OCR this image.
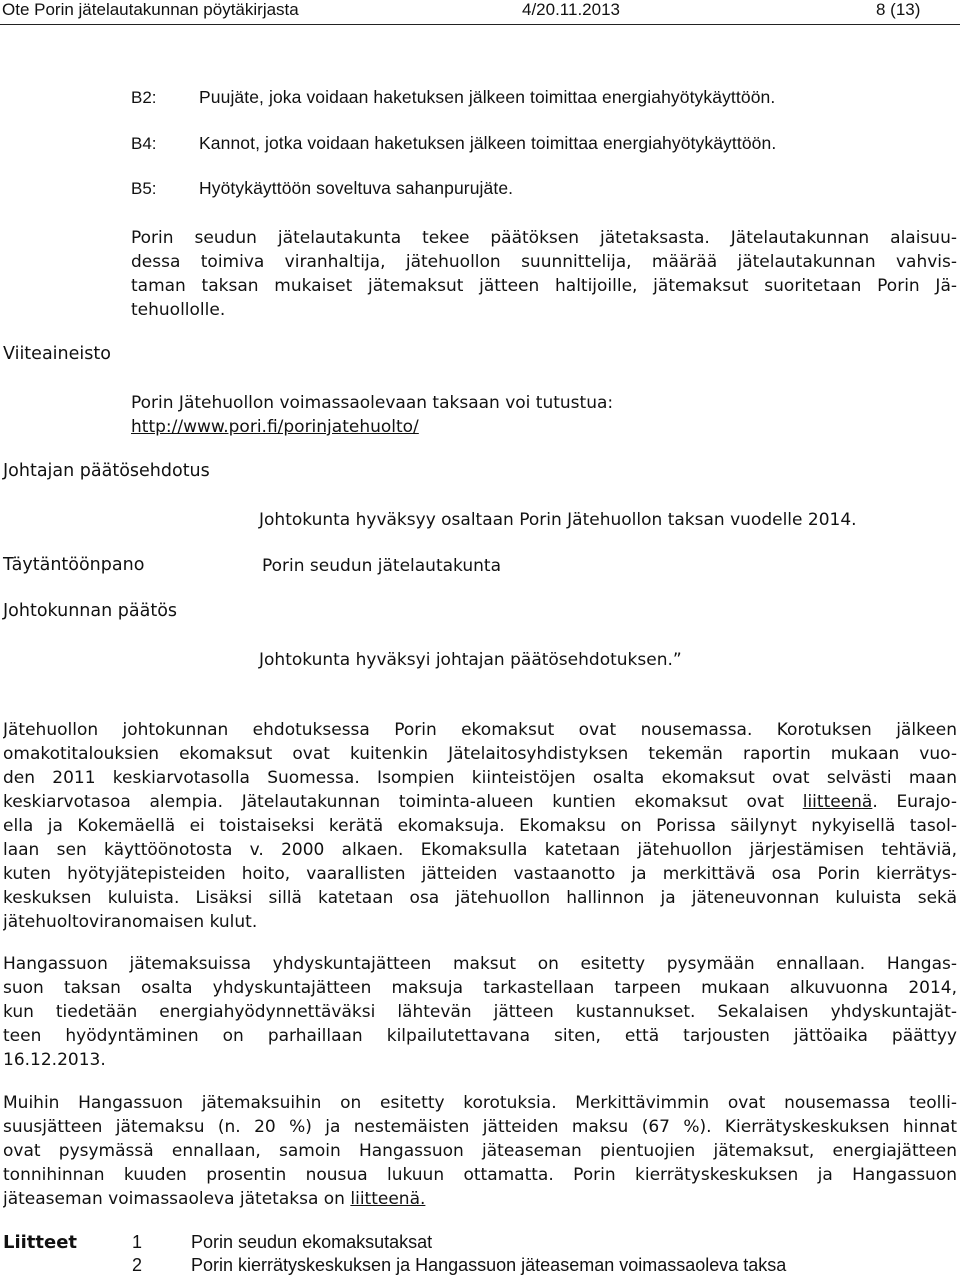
Ote Porin jätelautakunnan pöytäkirjasta	4/20.11.2013	8 (13)
B2: Puujäte, joka voidaan haketuksen jälkeen toimittaa energiahyötykäyttöön.
B4: Kannot, jotka voidaan haketuksen jälkeen toimittaa energiahyötykäyttöön.
B5: Hyötykäyttöön soveltuva sahanpurujäte.
Porin seudun jätelautakunta tekee päätöksen jätetaksasta. Jätelautakunnan alaisuu-
dessa toimiva viranhaltija, jätehuollon suunnittelija, määrää jätelautakunnan vahvis-
taman taksan mukaiset jätemaksut jätteen haltijoille, jätemaksut suoritetaan Porin Jä-
tehuollolle.
Viiteaineisto
Johtajan päätösehdotus
Täytäntöönpano
Johtokunnan päätös
Porin Jätehuollon voimassaolevaan taksaan voi tutustua:
http://www.pori.fi/porinjatehuolto/
Johtokunta hyväksyy osaltaan Porin Jätehuollon taksan vuodelle 2014.
Porin seudun jätelautakunta
Johtokunta hyväksyi johtajan päätösehdotuksen.”
Jätehuollon johtokunnan ehdotuksessa Porin ekomaksut ovat nousemassa. Korotuksen jälkeen
omakotitalouksien ekomaksut ovat kuitenkin Jätelaitosyhdistyksen tekemän raportin mukaan vuo-
den 2011 keskiarvotasolla Suomessa. Isompien kiinteistöjen osalta ekomaksut ovat selvästi maan
keskiarvotasoa alempia. Jätelautakunnan toiminta-alueen kuntien ekomaksut ovat liitteenä. Eurajo-
ella ja Kokemäellä ei toistaiseksi kerätä ekomaksuja. Ekomaksu on Porissa säilynyt nykyisellä tasol-
laan sen käyttöönotosta v. 2000 alkaen. Ekomaksulla katetaan jätehuollon järjestämisen tehtäviä,
kuten hyötyjätepisteiden hoito, vaarallisten jätteiden vastaanotto ja merkittävä osa Porin kierrätys-
keskuksen kuluista. Lisäksi sillä katetaan osa jätehuollon hallinnon ja jäteneuvonnan kuluista sekä
jätehuoltoviranomaisen kulut.
Hangassuon jätemaksuissa yhdyskuntajätteen maksut on esitetty pysymään ennallaan. Hangas-
suon taksan osalta yhdyskuntajätteen maksuja tarkastellaan tarpeen mukaan alkuvuonna 2014,
kun tiedetään energiahyödynnettäväksi lähtevän jätteen kustannukset. Sekalaisen yhdyskuntajät-
teen hyödyntäminen on parhaillaan kilpailutettavana siten, että tarjousten jättöaika päättyy
16.12.2013.
Muihin Hangassuon jätemaksuihin on esitetty korotuksia. Merkittävimmin ovat nousemassa teolli-
suusjätteen jätemaksu (n. 20 %) ja nestemäisten jätteiden maksu (67 %). Kierrätyskeskuksen hinnat
ovat pysymässä ennallaan, samoin Hangassuon jäteaseman pientuojien jätemaksut, energiajätteen
tonnihinnan kuuden prosentin nousua lukuun ottamatta. Porin kierrätyskeskuksen ja Hangassuon
jäteaseman voimassaoleva jätetaksa on liitteenä.
Liitteet	1	Porin seudun ekomaksutaksat
2	Porin kierrätyskeskuksen ja Hangassuon jäteaseman voimassaoleva taksa
